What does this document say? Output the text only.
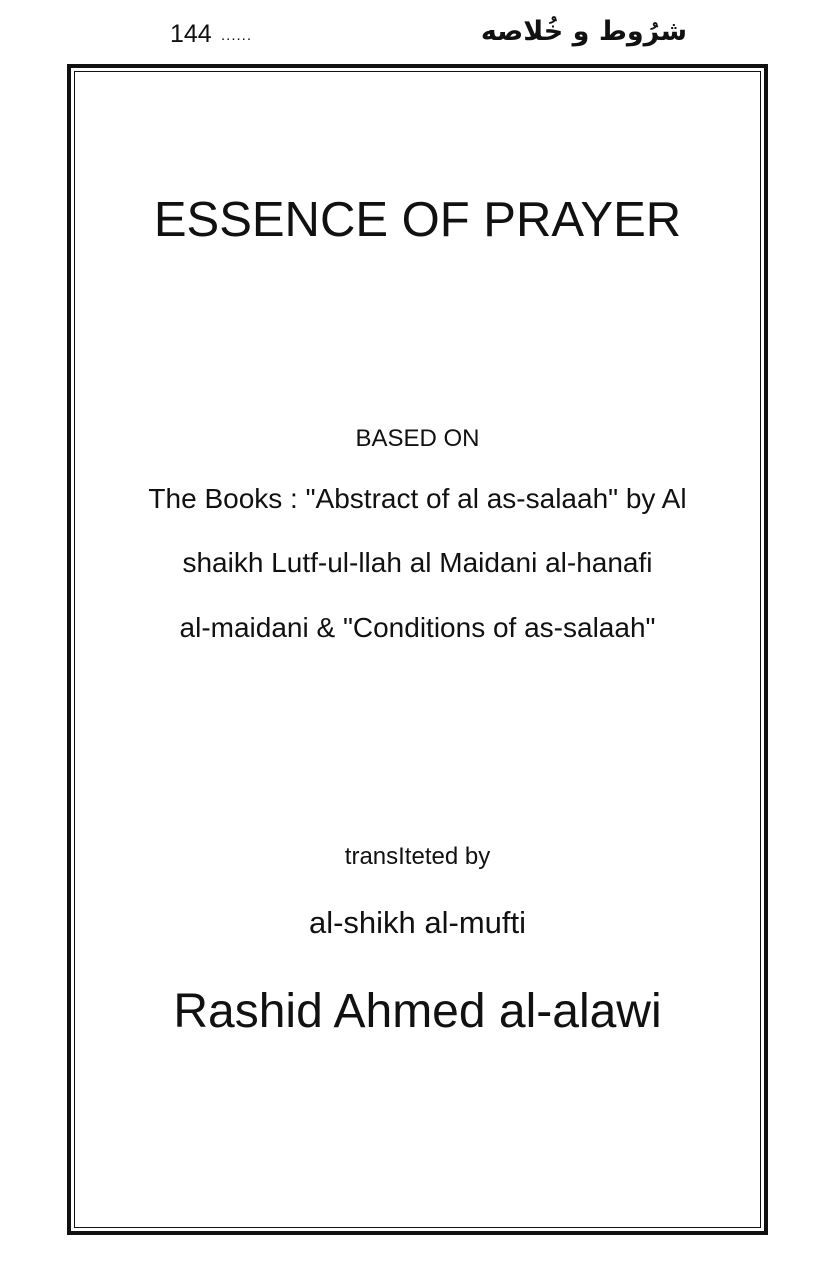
144 ......	شرُوط و خُلاصه
ESSENCE OF PRAYER
BASED ON
The Books : "Abstract of al as-salaah" by Al
shaikh Lutf-ul-llah al Maidani al-hanafi
al-maidani & "Conditions of as-salaah"
transIteted by
al-shikh al-mufti
Rashid Ahmed al-alawi
